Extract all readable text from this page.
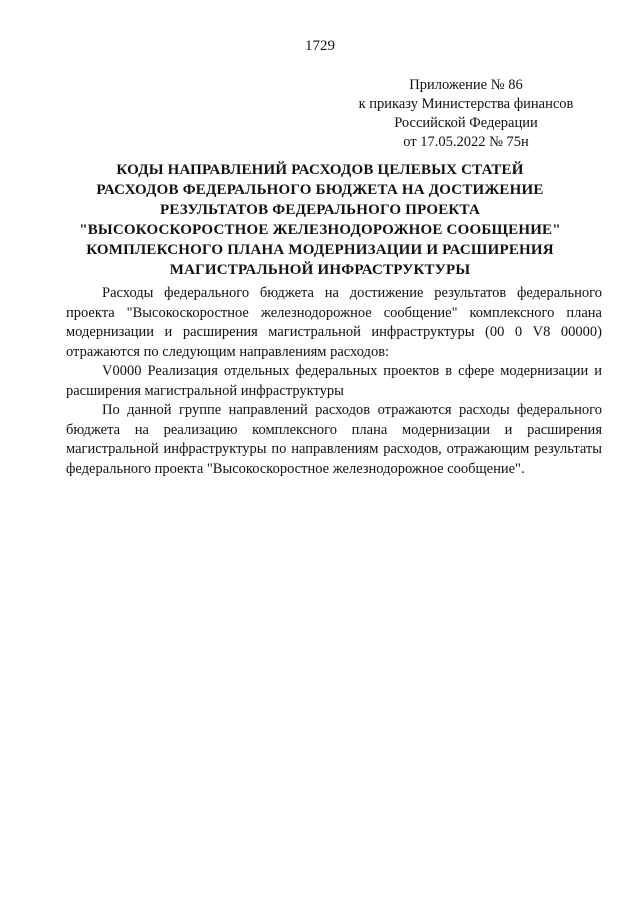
1729
Приложение № 86
к приказу Министерства финансов
Российской Федерации
от 17.05.2022 № 75н
КОДЫ НАПРАВЛЕНИЙ РАСХОДОВ ЦЕЛЕВЫХ СТАТЕЙ
РАСХОДОВ ФЕДЕРАЛЬНОГО БЮДЖЕТА НА ДОСТИЖЕНИЕ
РЕЗУЛЬТАТОВ ФЕДЕРАЛЬНОГО ПРОЕКТА
"ВЫСОКОСКОРОСТНОЕ ЖЕЛЕЗНОДОРОЖНОЕ СООБЩЕНИЕ"
КОМПЛЕКСНОГО ПЛАНА МОДЕРНИЗАЦИИ И РАСШИРЕНИЯ
МАГИСТРАЛЬНОЙ ИНФРАСТРУКТУРЫ

Расходы федерального бюджета на достижение результатов федерального проекта "Высокоскоростное железнодорожное сообщение" комплексного плана модернизации и расширения магистральной инфраструктуры (00 0 V8 00000) отражаются по следующим направлениям расходов:

V0000 Реализация отдельных федеральных проектов в сфере модернизации и расширения магистральной инфраструктуры

По данной группе направлений расходов отражаются расходы федерального бюджета на реализацию комплексного плана модернизации и расширения магистральной инфраструктуры по направлениям расходов, отражающим результаты федерального проекта "Высокоскоростное железнодорожное сообщение".
